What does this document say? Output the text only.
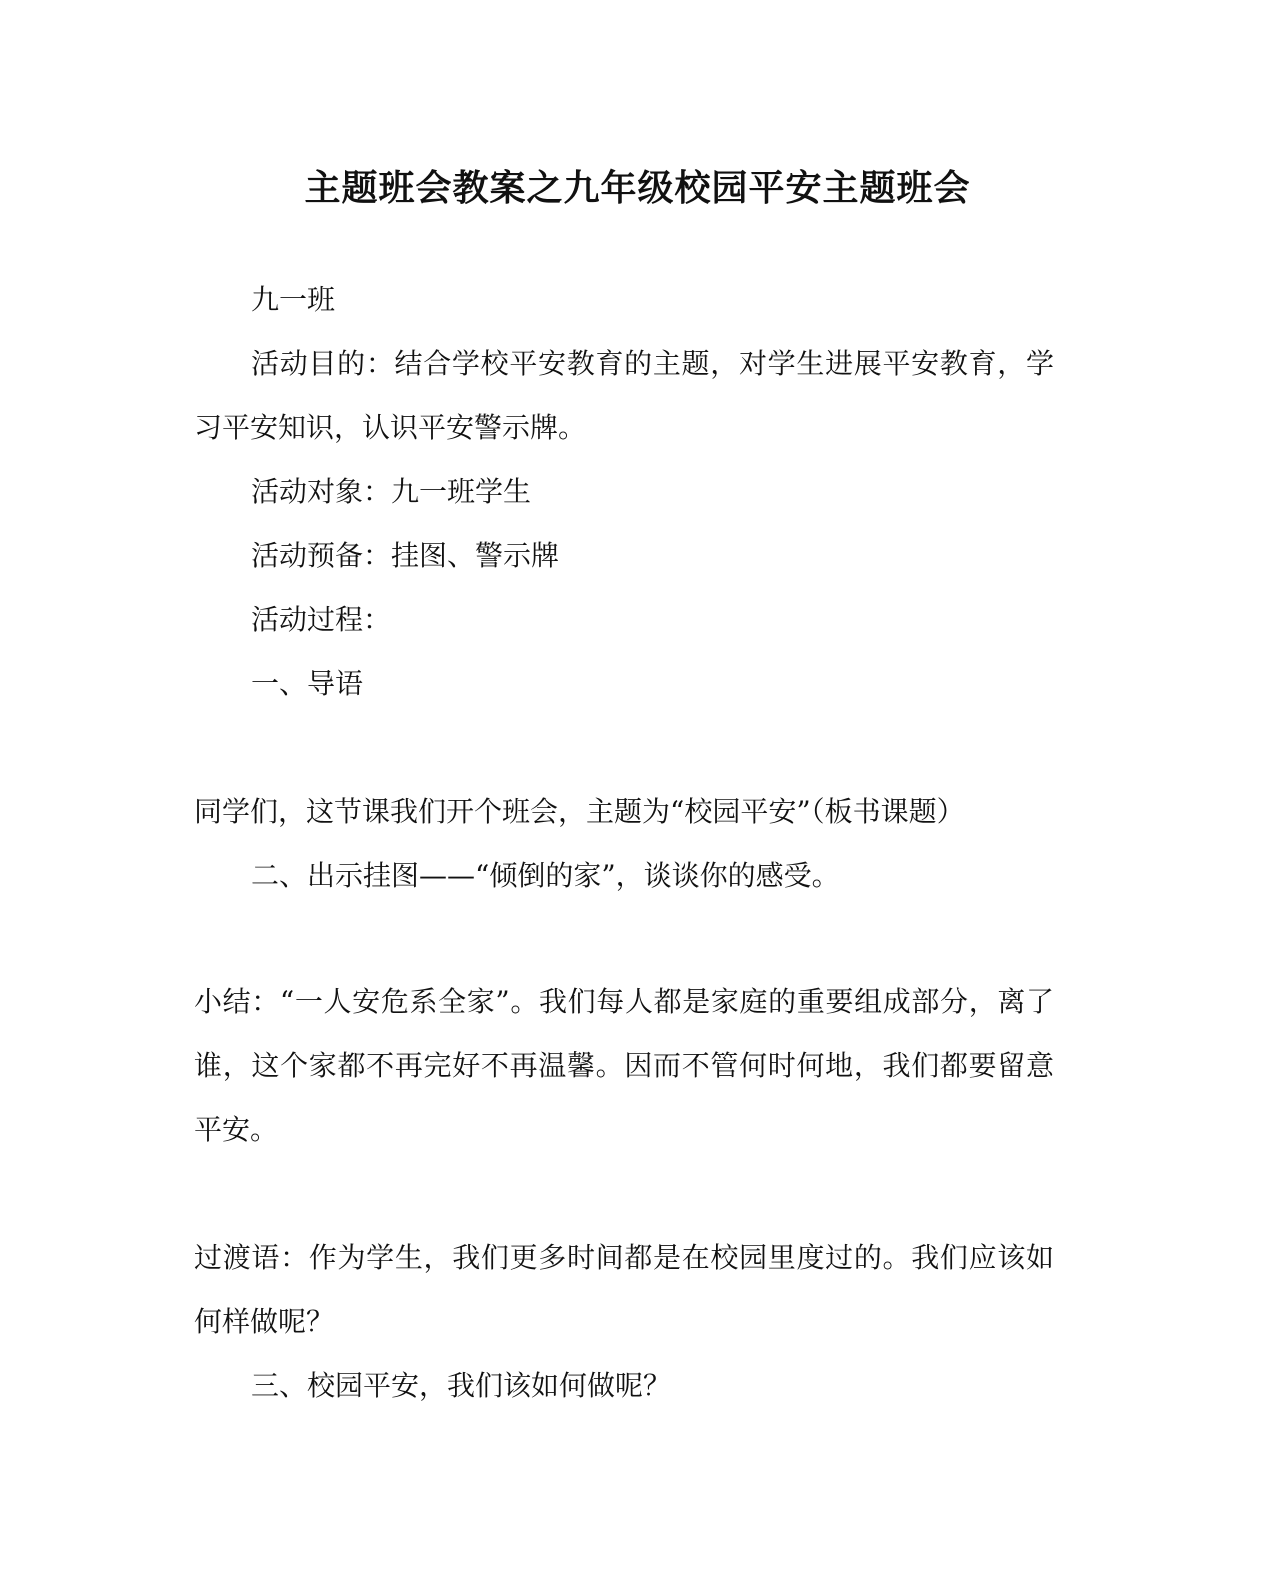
主题班会教案之九年级校园平安主题班会

九一班

活动目的：结合学校平安教育的主题，对学生进展平安教育，学习平安知识，认识平安警示牌。

活动对象：九一班学生

活动预备：挂图、警示牌

活动过程：

一、导语

同学们，这节课我们开个班会，主题为“校园平安”（板书课题）

二、出示挂图——“倾倒的家”，谈谈你的感受。

小结：“一人安危系全家”。我们每人都是家庭的重要组成部分，离了谁，这个家都不再完好不再温馨。因而不管何时何地，我们都要留意平安。

过渡语：作为学生，我们更多时间都是在校园里度过的。我们应该如何样做呢？

三、校园平安，我们该如何做呢？
